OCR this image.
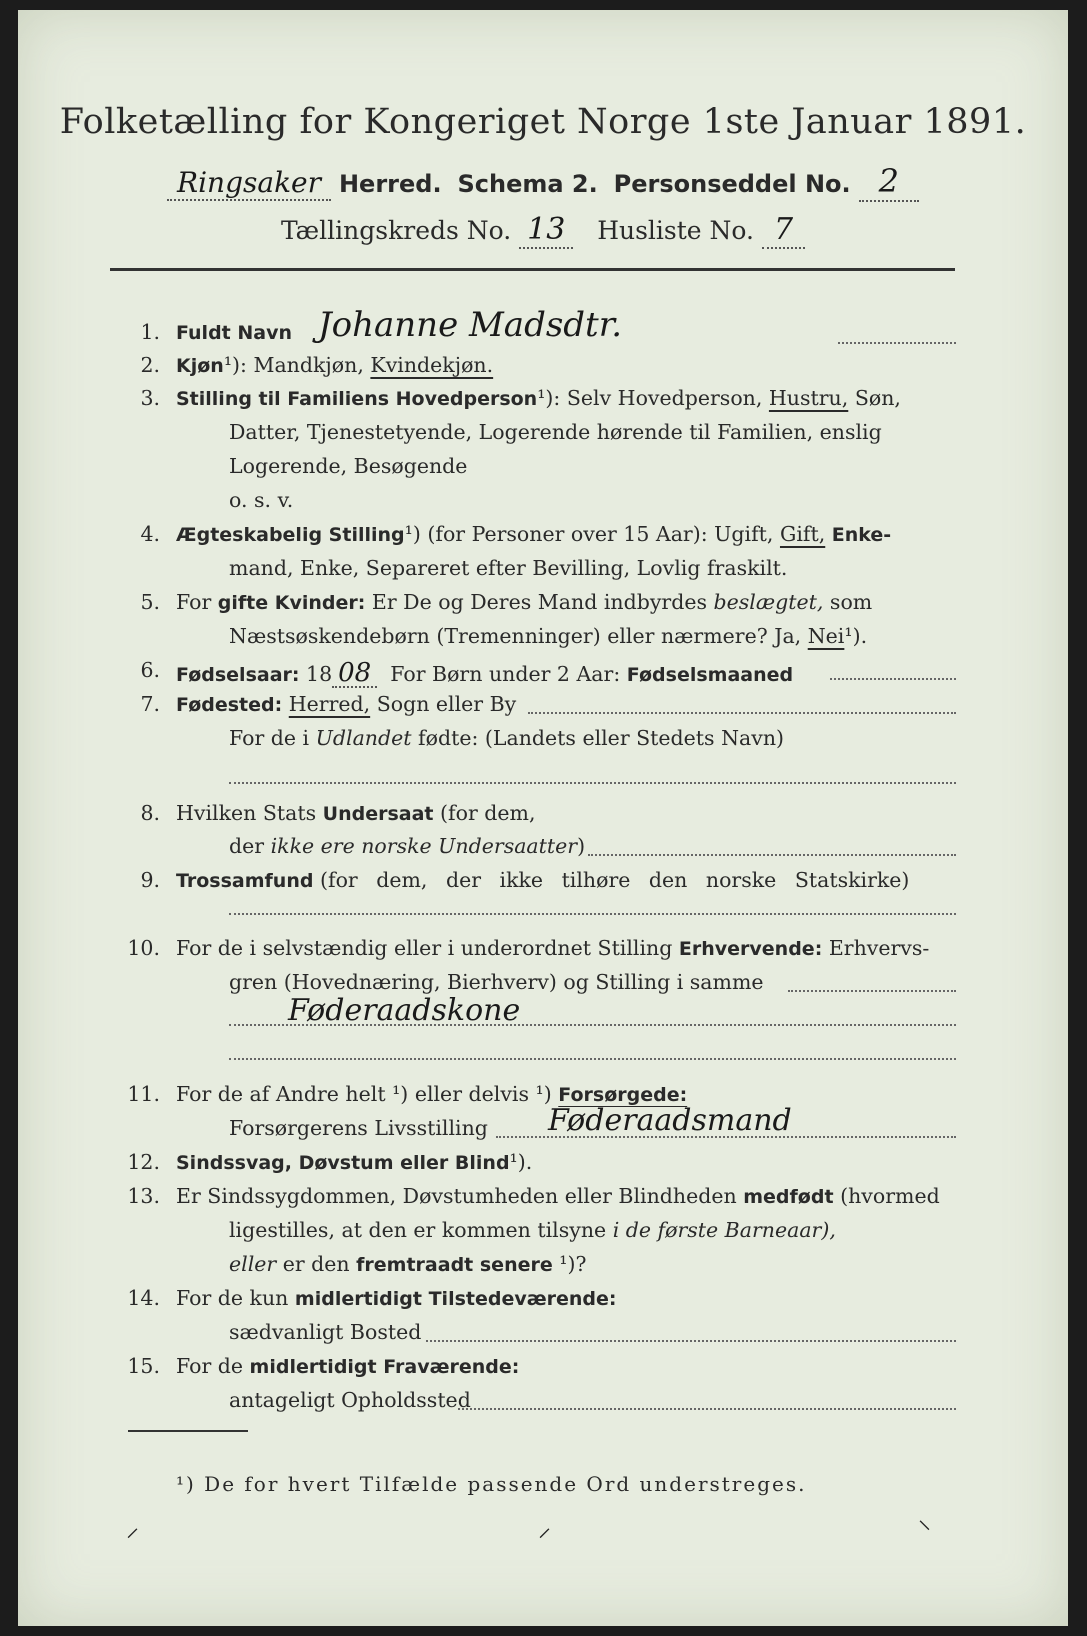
Folketælling for Kongeriget Norge 1ste Januar 1891.
Ringsaker Herred. Schema 2. Personseddel No. 2
Tællingskreds No. 13 Husliste No. 7
1. Fuldt Navn Johanne Madsdtr.
2. Kjøn¹): Mandkjøn, Kvindekjøn.
3. Stilling til Familiens Hovedperson¹): Selv Hovedperson, Hustru, Søn,
Datter, Tjenestetyende, Logerende hørende til Familien, enslig
Logerende, Besøgende
o. s. v.
4. Ægteskabelig Stilling¹) (for Personer over 15 Aar): Ugift, Gift, Enke-
mand, Enke, Separeret efter Bevilling, Lovlig fraskilt.
5. For gifte Kvinder: Er De og Deres Mand indbyrdes beslægtet, som
Næstsøskendebørn (Tremenninger) eller nærmere? Ja, Nei¹).
6. Fødselsaar: 18 08 For Børn under 2 Aar: Fødselsmaaned
7. Fødested: Herred, Sogn eller By
For de i Udlandet fødte: (Landets eller Stedets Navn)
8. Hvilken Stats Undersaat (for dem,
der ikke ere norske Undersaatter)
9. Trossamfund (for dem, der ikke tilhøre den norske Statskirke)
10. For de i selvstændig eller i underordnet Stilling Erhvervende: Erhvervs-
gren (Hovednæring, Bierhverv) og Stilling i samme
Føderaadskone
11. For de af Andre helt ¹) eller delvis ¹) Forsørgede:
Forsørgerens Livsstilling Føderaadsmand
12. Sindssvag, Døvstum eller Blind¹).
13. Er Sindssygdommen, Døvstumheden eller Blindheden medfødt (hvormed
ligestilles, at den er kommen tilsyne i de første Barneaar),
eller er den fremtraadt senere ¹)?
14. For de kun midlertidigt Tilstedeværende:
sædvanligt Bosted
15. For de midlertidigt Fraværende:
antageligt Opholdssted
¹) De for hvert Tilfælde passende Ord understreges.
⸝	⸝	⸜
